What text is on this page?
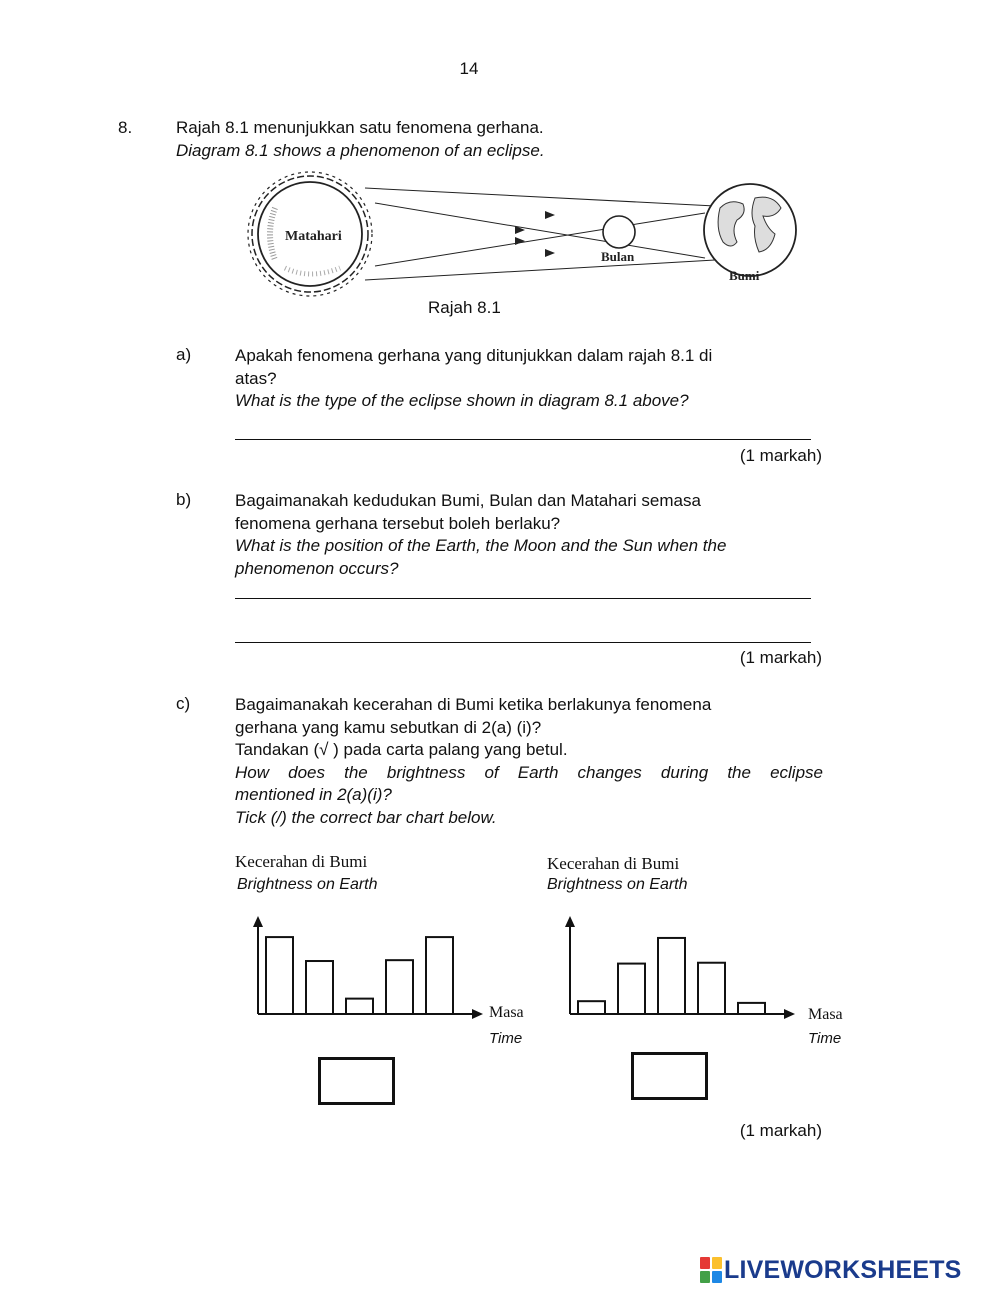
14
8.	Rajah 8.1 menunjukkan satu fenomena gerhana.
Diagram 8.1 shows a phenomenon of an eclipse.
Matahari
Bulan
Bumi
Rajah 8.1
a)	Apakah fenomena gerhana yang ditunjukkan dalam rajah 8.1 di
atas?
What is the type of the eclipse shown in diagram 8.1 above?
(1 markah)
b)	Bagaimanakah kedudukan Bumi, Bulan dan Matahari semasa
fenomena gerhana tersebut boleh berlaku?
What is the position of the Earth, the Moon and the Sun when the
phenomenon occurs?
(1 markah)
c)	Bagaimanakah kecerahan di Bumi ketika berlakunya fenomena
gerhana yang kamu sebutkan di 2(a) (i)?
Tandakan (√ ) pada carta palang yang betul.
How does the brightness of Earth changes during the eclipse
mentioned in 2(a)(i)?
Tick (/) the correct bar chart below.
Kecerahan di Bumi
Brightness on Earth
Masa
Time
Kecerahan di Bumi
Brightness on Earth
Masa
Time
(1 markah)
LIVEWORKSHEETS
